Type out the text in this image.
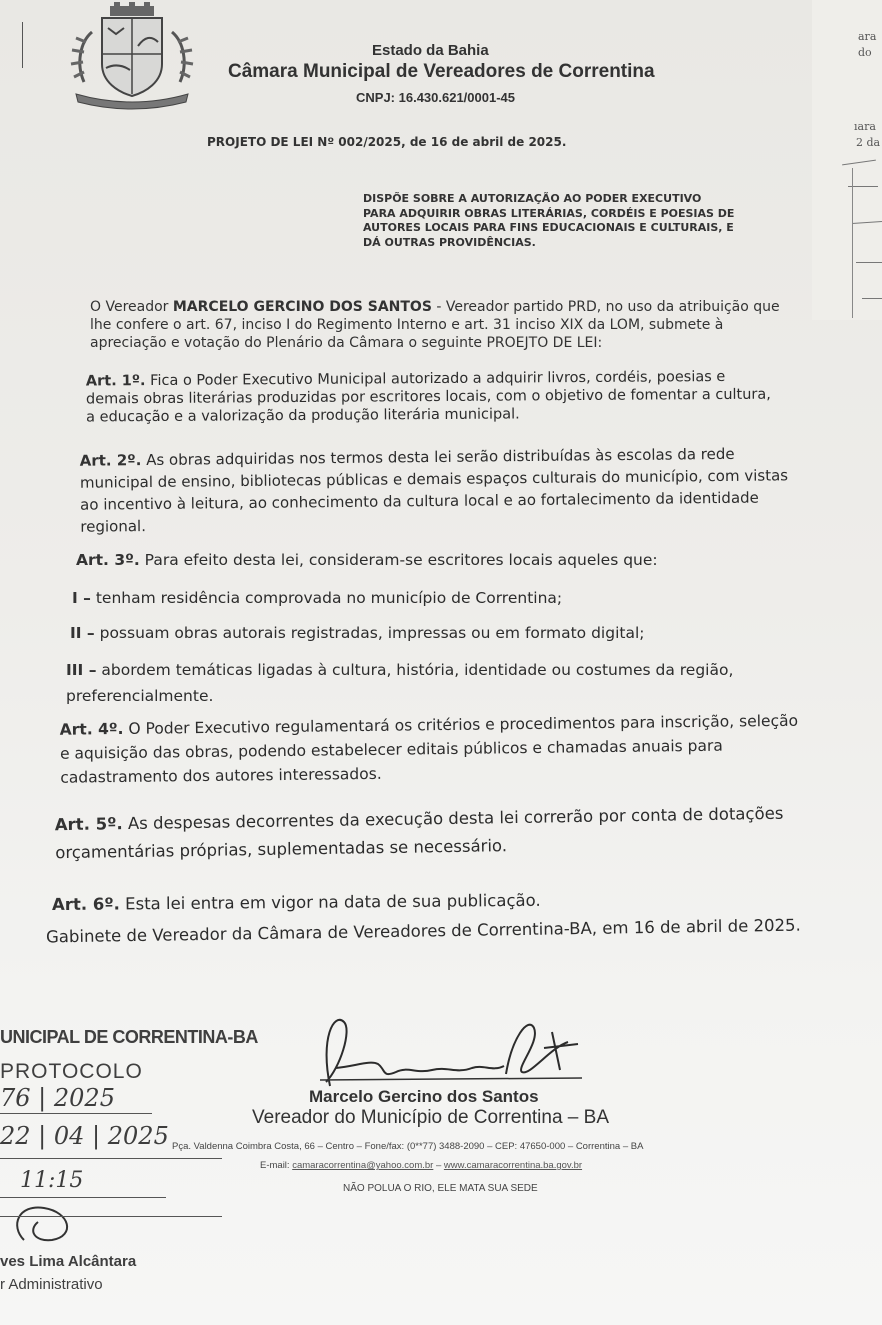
ara
do
ıara
2 da
Estado da Bahia
Câmara Municipal de Vereadores de Correntina
CNPJ: 16.430.621/0001-45
PROJETO DE LEI Nº 002/2025, de 16 de abril de 2025.
DISPÕE SOBRE A AUTORIZAÇÃO AO PODER EXECUTIVO
PARA ADQUIRIR OBRAS LITERÁRIAS, CORDÉIS E POESIAS DE
AUTORES LOCAIS PARA FINS EDUCACIONAIS E CULTURAIS, E
DÁ OUTRAS PROVIDÊNCIAS.
O Vereador MARCELO GERCINO DOS SANTOS - Vereador partido PRD, no uso da atribuição que lhe confere o art. 67, inciso I do Regimento Interno e art. 31 inciso XIX da LOM, submete à apreciação e votação do Plenário da Câmara o seguinte PROEJTO DE LEI:
Art. 1º. Fica o Poder Executivo Municipal autorizado a adquirir livros, cordéis, poesias e
demais obras literárias produzidas por escritores locais, com o objetivo de fomentar a cultura,
a educação e a valorização da produção literária municipal.
Art. 2º. As obras adquiridas nos termos desta lei serão distribuídas às escolas da rede
municipal de ensino, bibliotecas públicas e demais espaços culturais do município, com vistas
ao incentivo à leitura, ao conhecimento da cultura local e ao fortalecimento da identidade
regional.
Art. 3º. Para efeito desta lei, consideram-se escritores locais aqueles que:
I – tenham residência comprovada no município de Correntina;
II – possuam obras autorais registradas, impressas ou em formato digital;
III – abordem temáticas ligadas à cultura, história, identidade ou costumes da região,
preferencialmente.
Art. 4º. O Poder Executivo regulamentará os critérios e procedimentos para inscrição, seleção
e aquisição das obras, podendo estabelecer editais públicos e chamadas anuais para
cadastramento dos autores interessados.
Art. 5º. As despesas decorrentes da execução desta lei correrão por conta de dotações
orçamentárias próprias, suplementadas se necessário.
Art. 6º. Esta lei entra em vigor na data de sua publicação.
Gabinete de Vereador da Câmara de Vereadores de Correntina-BA, em 16 de abril de 2025.
Marcelo Gercino dos Santos
Vereador do Município de Correntina – BA
Pça. Valdenna Coimbra Costa, 66 – Centro – Fone/fax: (0**77) 3488-2090 – CEP: 47650-000 – Correntina – BA
E-mail: camaracorrentina@yahoo.com.br – www.camaracorrentina.ba.gov.br
NÃO POLUA O RIO, ELE MATA SUA SEDE
UNICIPAL DE CORRENTINA-BA
PROTOCOLO
76 | 2025
22 | 04 | 2025
11:15
ves Lima Alcântara
r Administrativo
